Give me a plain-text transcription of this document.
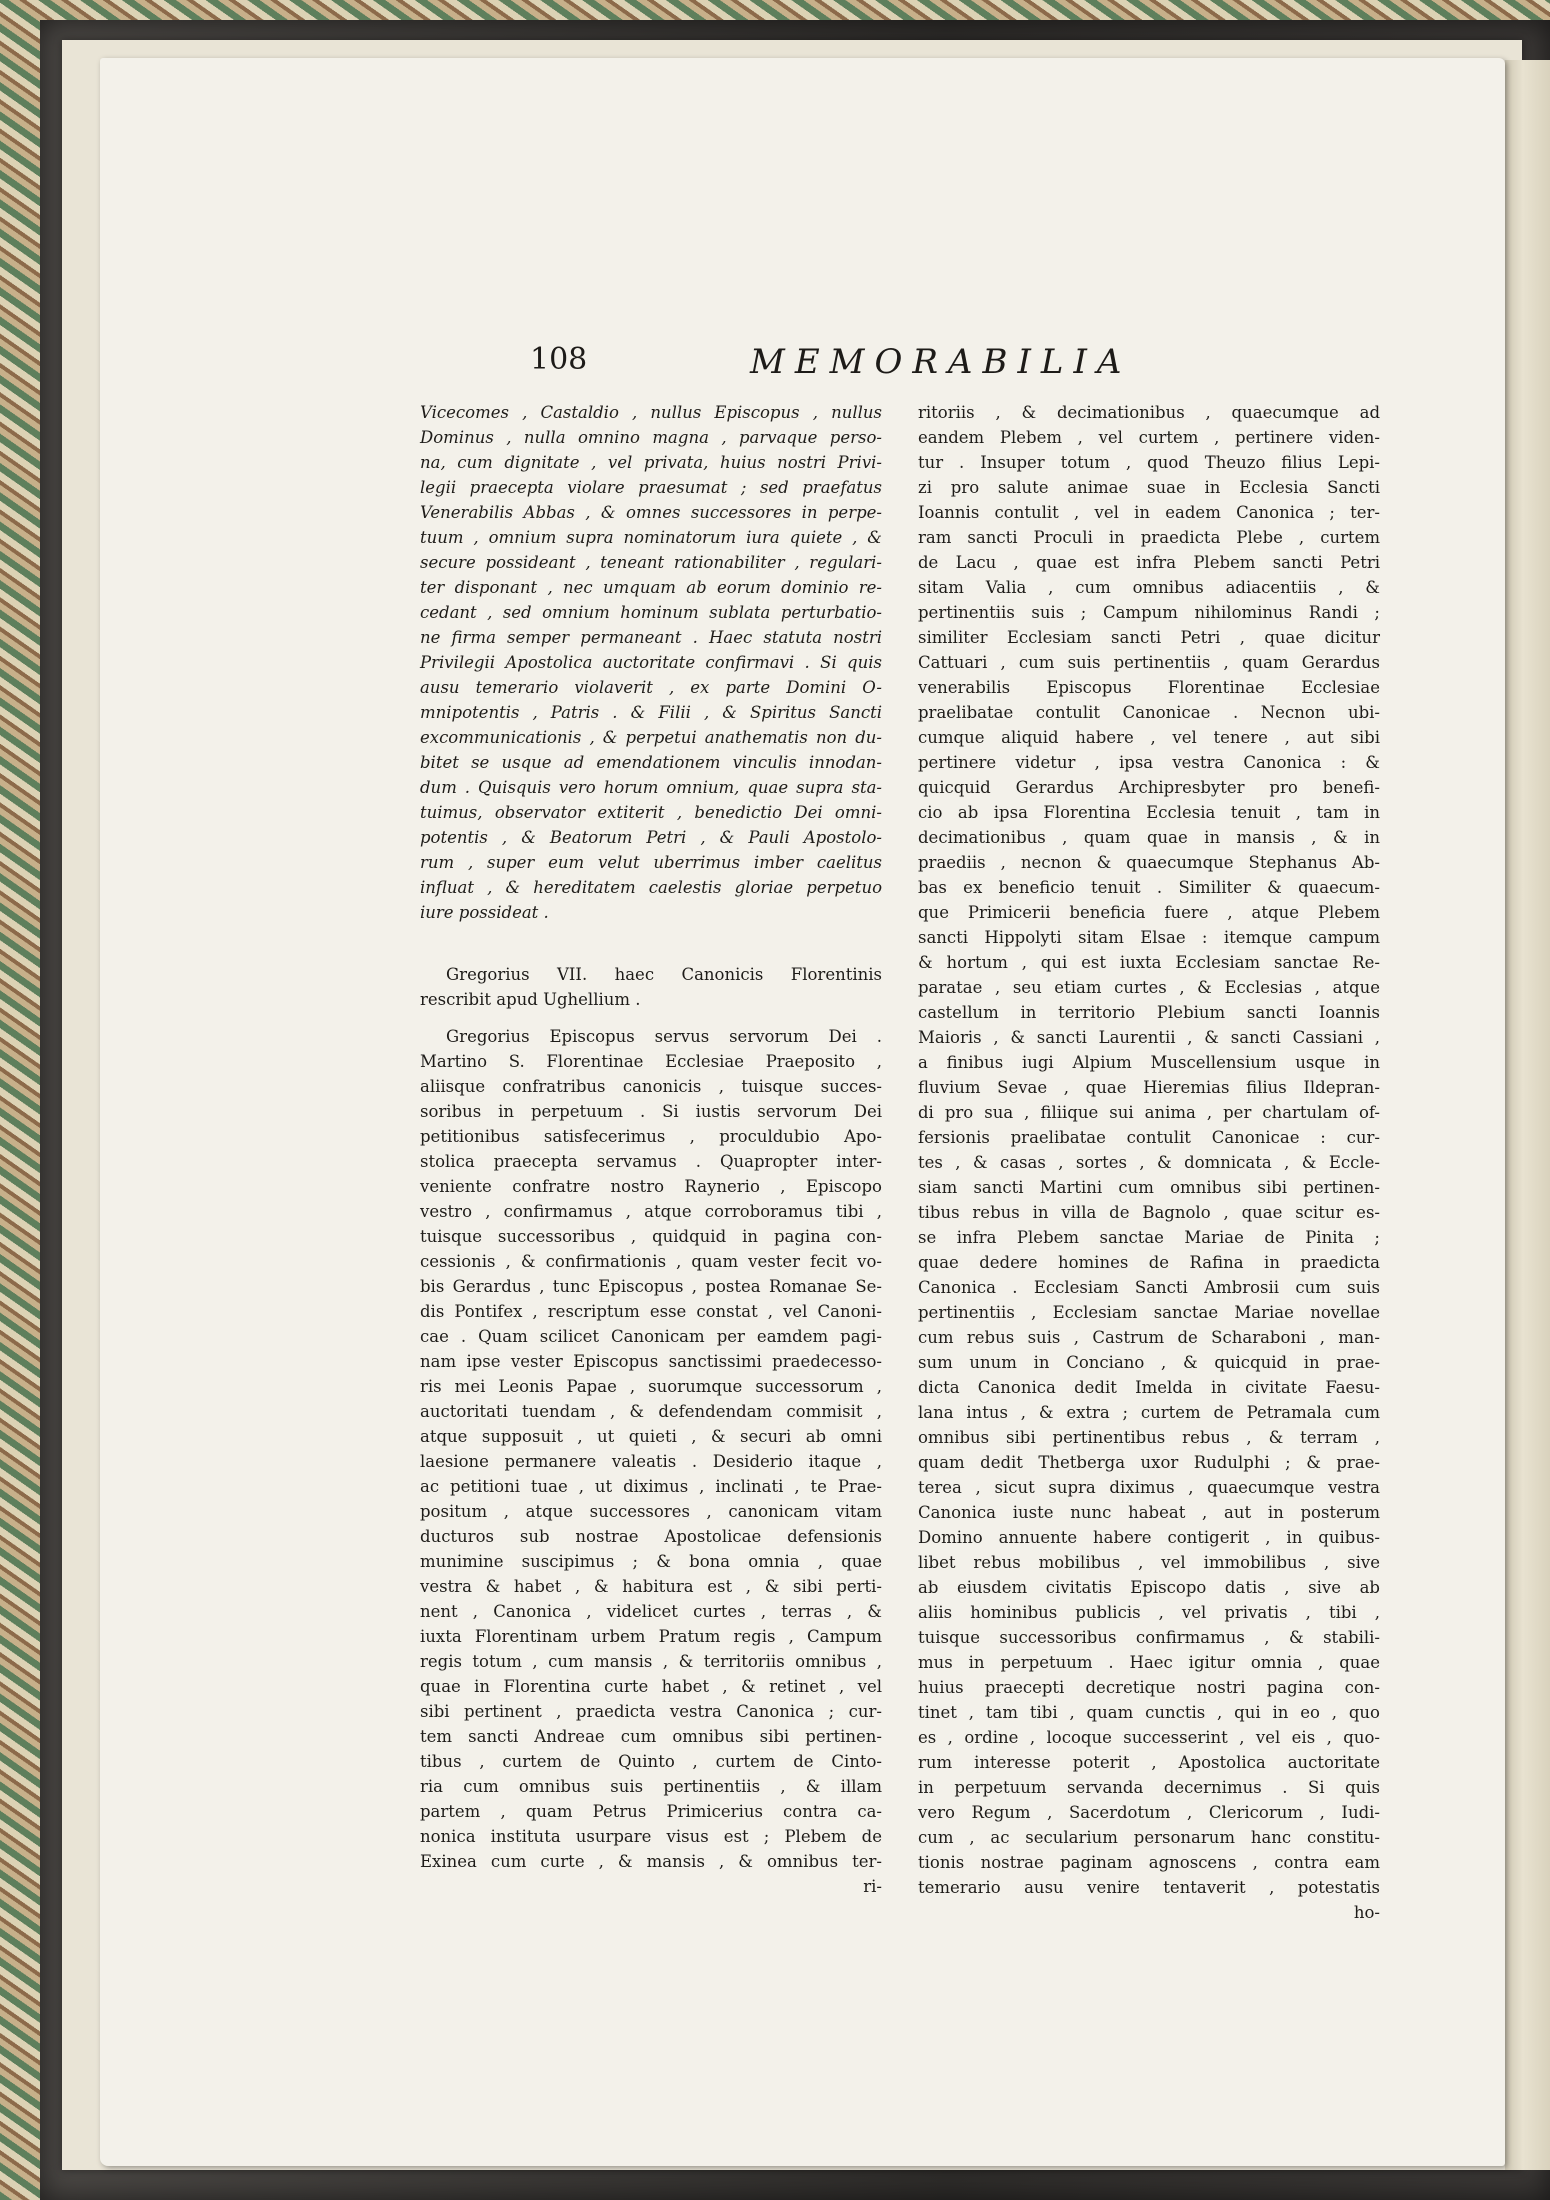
108	MEMORABILIA
Vicecomes , Castaldio , nullus Episcopus , nullus
Dominus , nulla omnino magna , parvaque perso-
na, cum dignitate , vel privata, huius nostri Privi-
legii praecepta violare praesumat ; sed praefatus
Venerabilis Abbas , & omnes successores in perpe-
tuum , omnium supra nominatorum iura quiete , &
secure possideant , teneant rationabiliter , regulari-
ter disponant , nec umquam ab eorum dominio re-
cedant , sed omnium hominum sublata perturbatio-
ne firma semper permaneant . Haec statuta nostri
Privilegii Apostolica auctoritate confirmavi . Si quis
ausu temerario violaverit , ex parte Domini O-
mnipotentis , Patris . & Filii , & Spiritus Sancti
excommunicationis , & perpetui anathematis non du-
bitet se usque ad emendationem vinculis innodan-
dum . Quisquis vero horum omnium, quae supra sta-
tuimus, observator extiterit , benedictio Dei omni-
potentis , & Beatorum Petri , & Pauli Apostolo-
rum , super eum velut uberrimus imber caelitus
influat , & hereditatem caelestis gloriae perpetuo
iure possideat .
Gregorius VII. haec Canonicis Florentinis
rescribit apud Ughellium .
Gregorius Episcopus servus servorum Dei .
Martino S. Florentinae Ecclesiae Praeposito ,
aliisque confratribus canonicis , tuisque succes-
soribus in perpetuum . Si iustis servorum Dei
petitionibus satisfecerimus , proculdubio Apo-
stolica praecepta servamus . Quapropter inter-
veniente confratre nostro Raynerio , Episcopo
vestro , confirmamus , atque corroboramus tibi ,
tuisque successoribus , quidquid in pagina con-
cessionis , & confirmationis , quam vester fecit vo-
bis Gerardus , tunc Episcopus , postea Romanae Se-
dis Pontifex , rescriptum esse constat , vel Canoni-
cae . Quam scilicet Canonicam per eamdem pagi-
nam ipse vester Episcopus sanctissimi praedecesso-
ris mei Leonis Papae , suorumque successorum ,
auctoritati tuendam , & defendendam commisit ,
atque supposuit , ut quieti , & securi ab omni
laesione permanere valeatis . Desiderio itaque ,
ac petitioni tuae , ut diximus , inclinati , te Prae-
positum , atque successores , canonicam vitam
ducturos sub nostrae Apostolicae defensionis
munimine suscipimus ; & bona omnia , quae
vestra & habet , & habitura est , & sibi perti-
nent , Canonica , videlicet curtes , terras , &
iuxta Florentinam urbem Pratum regis , Campum
regis totum , cum mansis , & territoriis omnibus ,
quae in Florentina curte habet , & retinet , vel
sibi pertinent , praedicta vestra Canonica ; cur-
tem sancti Andreae cum omnibus sibi pertinen-
tibus , curtem de Quinto , curtem de Cinto-
ria cum omnibus suis pertinentiis , & illam
partem , quam Petrus Primicerius contra ca-
nonica instituta usurpare visus est ; Plebem de
Exinea cum curte , & mansis , & omnibus ter-
ri-
ritoriis , & decimationibus , quaecumque ad
eandem Plebem , vel curtem , pertinere viden-
tur . Insuper totum , quod Theuzo filius Lepi-
zi pro salute animae suae in Ecclesia Sancti
Ioannis contulit , vel in eadem Canonica ; ter-
ram sancti Proculi in praedicta Plebe , curtem
de Lacu , quae est infra Plebem sancti Petri
sitam Valia , cum omnibus adiacentiis , &
pertinentiis suis ; Campum nihilominus Randi ;
similiter Ecclesiam sancti Petri , quae dicitur
Cattuari , cum suis pertinentiis , quam Gerardus
venerabilis Episcopus Florentinae Ecclesiae
praelibatae contulit Canonicae . Necnon ubi-
cumque aliquid habere , vel tenere , aut sibi
pertinere videtur , ipsa vestra Canonica : &
quicquid Gerardus Archipresbyter pro benefi-
cio ab ipsa Florentina Ecclesia tenuit , tam in
decimationibus , quam quae in mansis , & in
praediis , necnon & quaecumque Stephanus Ab-
bas ex beneficio tenuit . Similiter & quaecum-
que Primicerii beneficia fuere , atque Plebem
sancti Hippolyti sitam Elsae : itemque campum
& hortum , qui est iuxta Ecclesiam sanctae Re-
paratae , seu etiam curtes , & Ecclesias , atque
castellum in territorio Plebium sancti Ioannis
Maioris , & sancti Laurentii , & sancti Cassiani ,
a finibus iugi Alpium Muscellensium usque in
fluvium Sevae , quae Hieremias filius Ildepran-
di pro sua , filiique sui anima , per chartulam of-
fersionis praelibatae contulit Canonicae : cur-
tes , & casas , sortes , & domnicata , & Eccle-
siam sancti Martini cum omnibus sibi pertinen-
tibus rebus in villa de Bagnolo , quae scitur es-
se infra Plebem sanctae Mariae de Pinita ;
quae dedere homines de Rafina in praedicta
Canonica . Ecclesiam Sancti Ambrosii cum suis
pertinentiis , Ecclesiam sanctae Mariae novellae
cum rebus suis , Castrum de Scharaboni , man-
sum unum in Conciano , & quicquid in prae-
dicta Canonica dedit Imelda in civitate Faesu-
lana intus , & extra ; curtem de Petramala cum
omnibus sibi pertinentibus rebus , & terram ,
quam dedit Thetberga uxor Rudulphi ; & prae-
terea , sicut supra diximus , quaecumque vestra
Canonica iuste nunc habeat , aut in posterum
Domino annuente habere contigerit , in quibus-
libet rebus mobilibus , vel immobilibus , sive
ab eiusdem civitatis Episcopo datis , sive ab
aliis hominibus publicis , vel privatis , tibi ,
tuisque successoribus confirmamus , & stabili-
mus in perpetuum . Haec igitur omnia , quae
huius praecepti decretique nostri pagina con-
tinet , tam tibi , quam cunctis , qui in eo , quo
es , ordine , locoque successerint , vel eis , quo-
rum interesse poterit , Apostolica auctoritate
in perpetuum servanda decernimus . Si quis
vero Regum , Sacerdotum , Clericorum , Iudi-
cum , ac secularium personarum hanc constitu-
tionis nostrae paginam agnoscens , contra eam
temerario ausu venire tentaverit , potestatis
ho-
